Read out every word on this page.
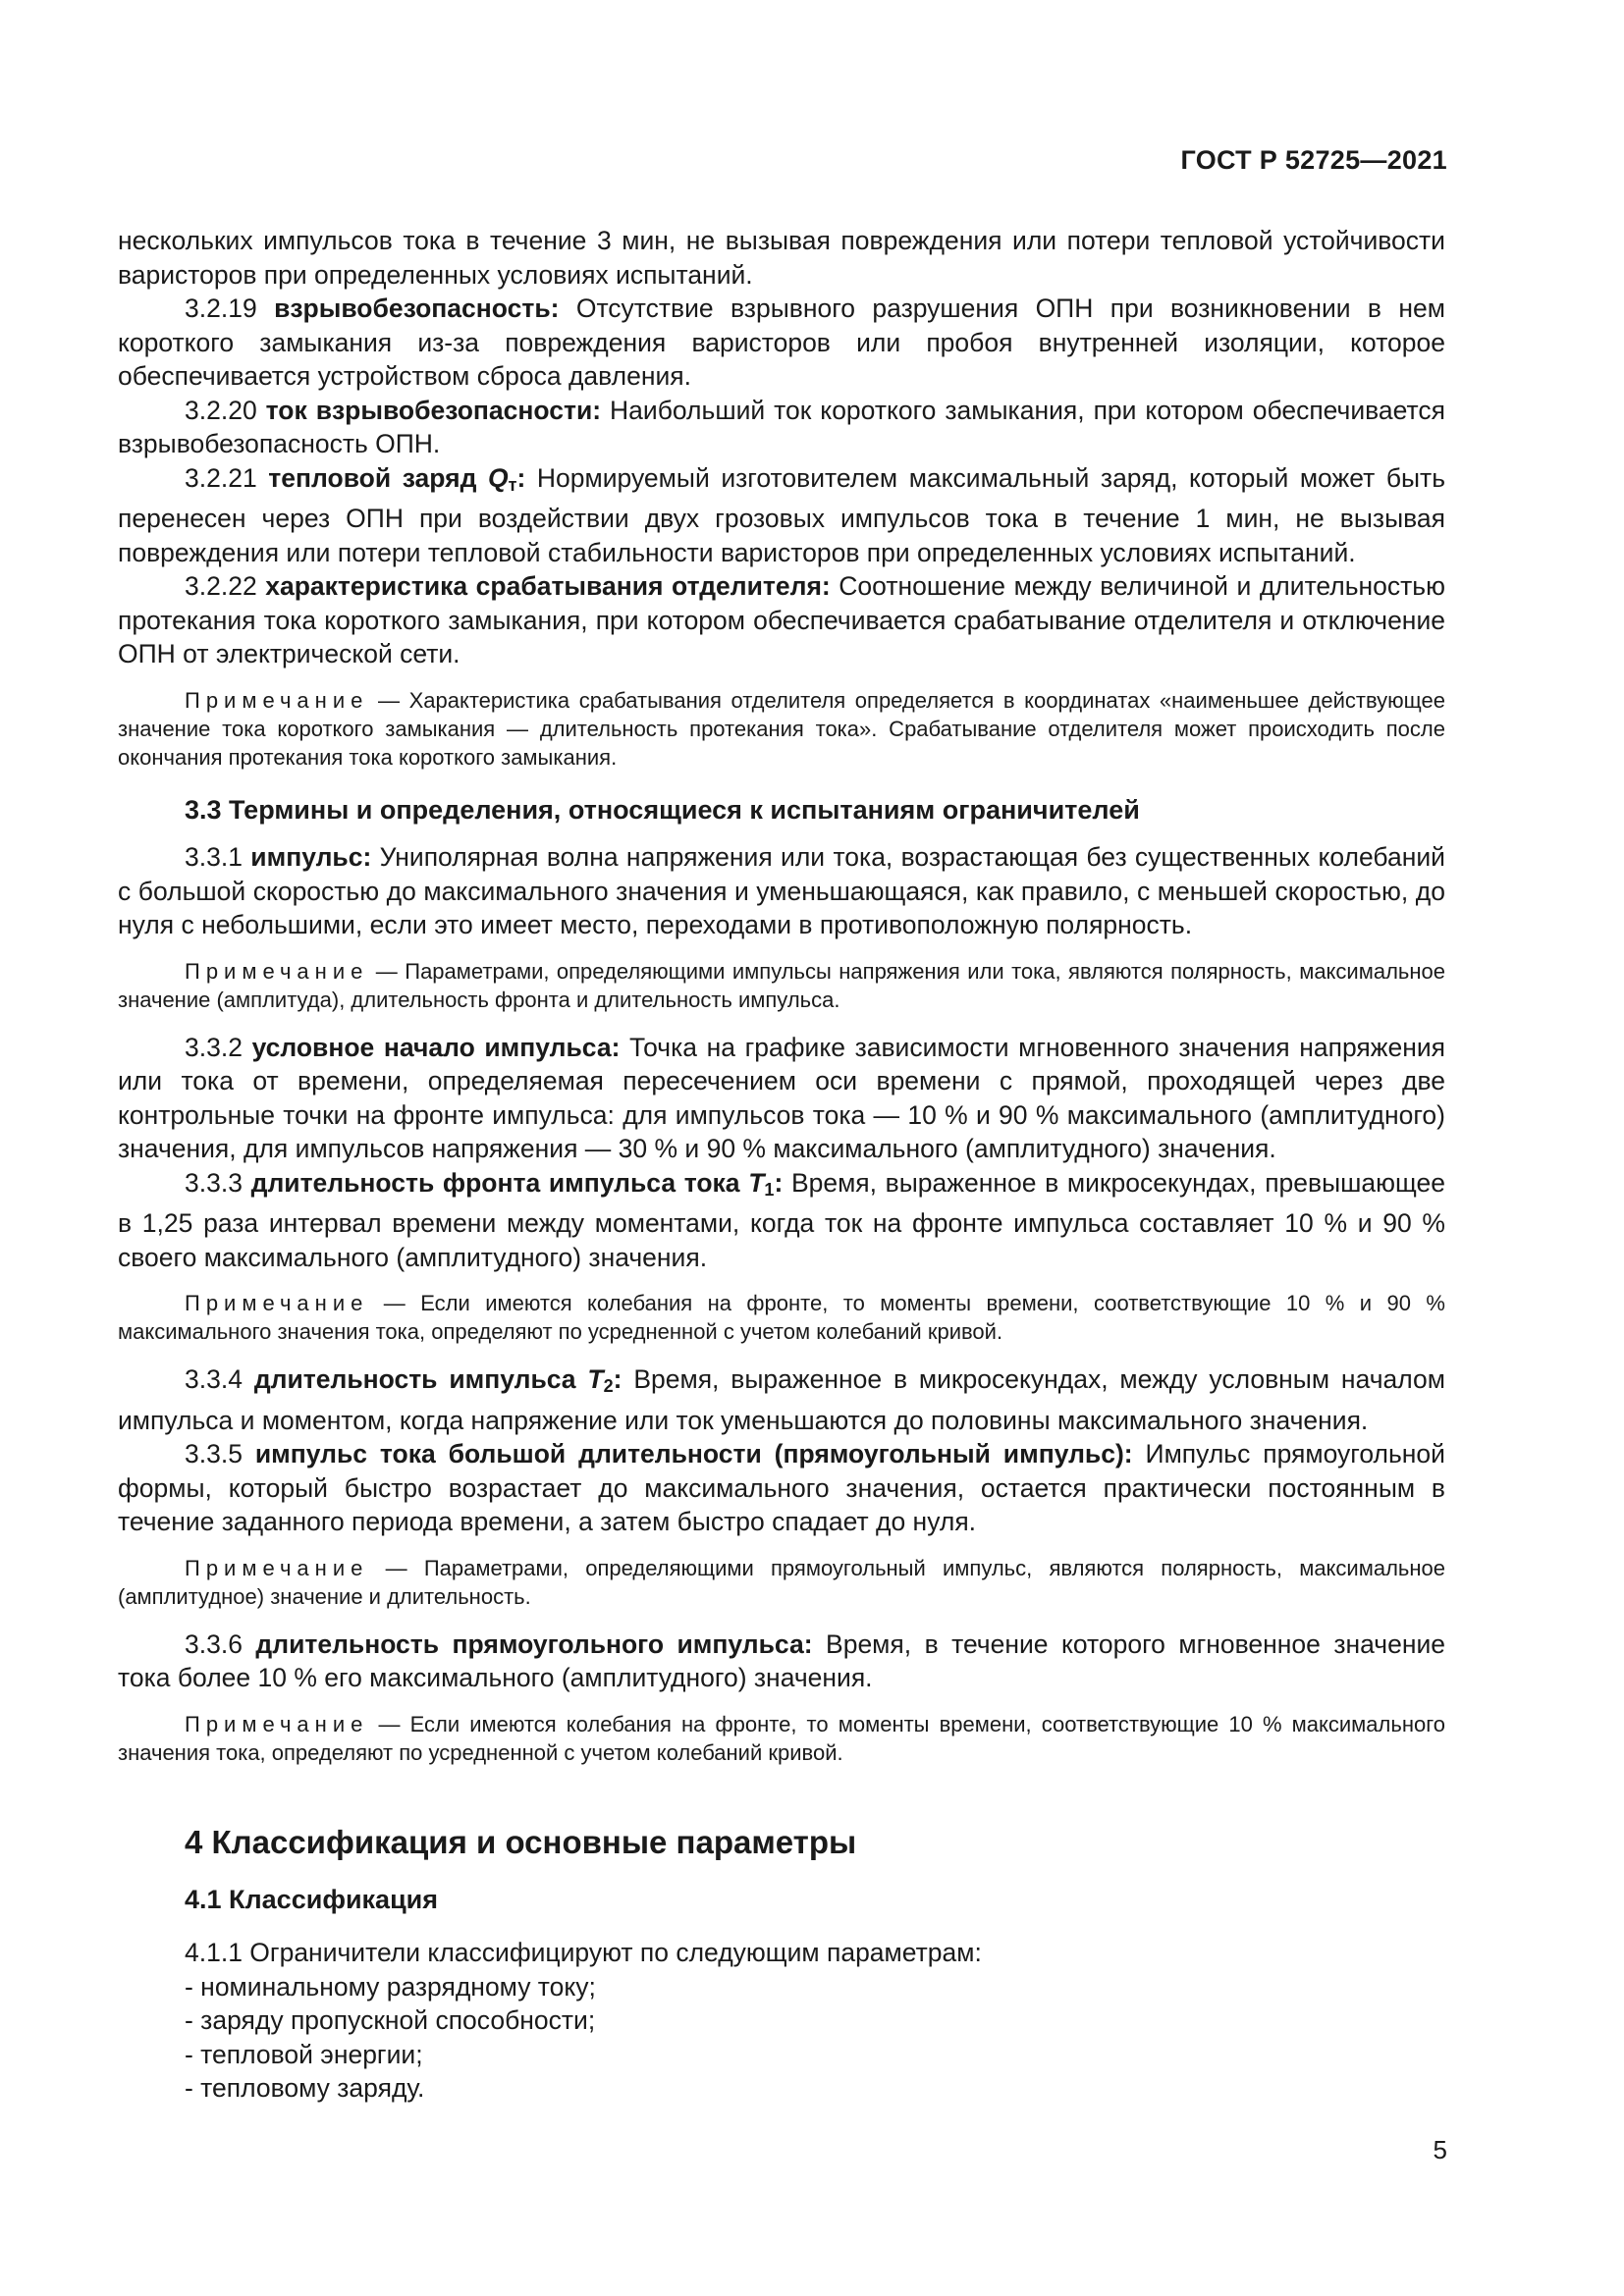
ГОСТ Р 52725—2021

нескольких импульсов тока в течение 3 мин, не вызывая повреждения или потери тепловой устойчивости варисторов при определенных условиях испытаний.

3.2.19 взрывобезопасность: Отсутствие взрывного разрушения ОПН при возникновении в нем короткого замыкания из-за повреждения варисторов или пробоя внутренней изоляции, которое обеспечивается устройством сброса давления.

3.2.20 ток взрывобезопасности: Наибольший ток короткого замыкания, при котором обеспечивается взрывобезопасность ОПН.

3.2.21 тепловой заряд Qт: Нормируемый изготовителем максимальный заряд, который может быть перенесен через ОПН при воздействии двух грозовых импульсов тока в течение 1 мин, не вызывая повреждения или потери тепловой стабильности варисторов при определенных условиях испытаний.

3.2.22 характеристика срабатывания отделителя: Соотношение между величиной и длительностью протекания тока короткого замыкания, при котором обеспечивается срабатывание отделителя и отключение ОПН от электрической сети.

Примечание — Характеристика срабатывания отделителя определяется в координатах «наименьшее действующее значение тока короткого замыкания — длительность протекания тока». Срабатывание отделителя может происходить после окончания протекания тока короткого замыкания.

3.3 Термины и определения, относящиеся к испытаниям ограничителей

3.3.1 импульс: Униполярная волна напряжения или тока, возрастающая без существенных колебаний с большой скоростью до максимального значения и уменьшающаяся, как правило, с меньшей скоростью, до нуля с небольшими, если это имеет место, переходами в противоположную полярность.

Примечание — Параметрами, определяющими импульсы напряжения или тока, являются полярность, максимальное значение (амплитуда), длительность фронта и длительность импульса.

3.3.2 условное начало импульса: Точка на графике зависимости мгновенного значения напряжения или тока от времени, определяемая пересечением оси времени с прямой, проходящей через две контрольные точки на фронте импульса: для импульсов тока — 10 % и 90 % максимального (амплитудного) значения, для импульсов напряжения — 30 % и 90 % максимального (амплитудного) значения.

3.3.3 длительность фронта импульса тока T1: Время, выраженное в микросекундах, превышающее в 1,25 раза интервал времени между моментами, когда ток на фронте импульса составляет 10 % и 90 % своего максимального (амплитудного) значения.

Примечание — Если имеются колебания на фронте, то моменты времени, соответствующие 10 % и 90 % максимального значения тока, определяют по усредненной с учетом колебаний кривой.

3.3.4 длительность импульса T2: Время, выраженное в микросекундах, между условным началом импульса и моментом, когда напряжение или ток уменьшаются до половины максимального значения.

3.3.5 импульс тока большой длительности (прямоугольный импульс): Импульс прямоугольной формы, который быстро возрастает до максимального значения, остается практически постоянным в течение заданного периода времени, а затем быстро спадает до нуля.

Примечание — Параметрами, определяющими прямоугольный импульс, являются полярность, максимальное (амплитудное) значение и длительность.

3.3.6 длительность прямоугольного импульса: Время, в течение которого мгновенное значение тока более 10 % его максимального (амплитудного) значения.

Примечание — Если имеются колебания на фронте, то моменты времени, соответствующие 10 % максимального значения тока, определяют по усредненной с учетом колебаний кривой.

4 Классификация и основные параметры

4.1 Классификация

4.1.1 Ограничители классифицируют по следующим параметрам:

- номинальному разрядному току;

- заряду пропускной способности;

- тепловой энергии;

- тепловому заряду.

5
